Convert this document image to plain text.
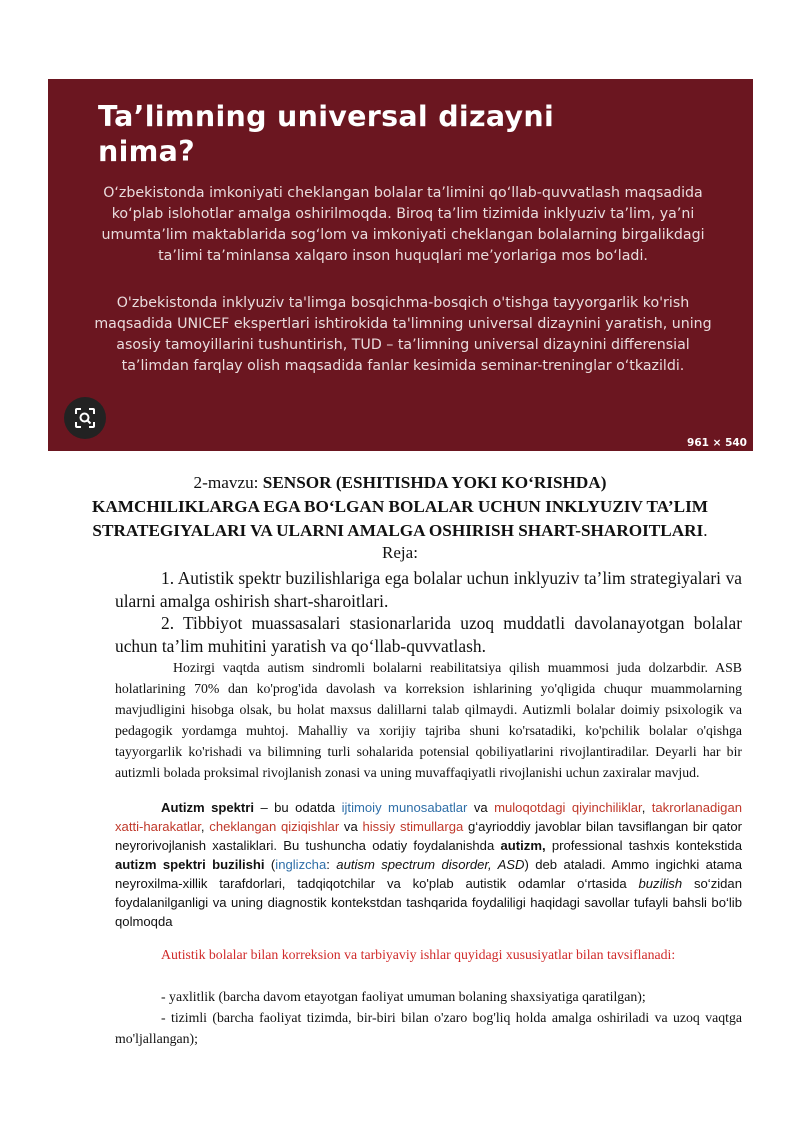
Ta’limning universal dizayni nima?
O‘zbekistonda imkoniyati cheklangan bolalar ta’limini qo‘llab-quvvatlash maqsadida ko‘plab islohotlar amalga oshirilmoqda. Biroq ta’lim tizimida inklyuziv ta’lim, ya’ni umumta’lim maktablarida sog‘lom va imkoniyati cheklangan bolalarning birgalikdagi ta’limi ta’minlansa xalqaro inson huquqlari me’yorlariga mos bo‘ladi.
O'zbekistonda inklyuziv ta'limga bosqichma-bosqich o'tishga tayyorgarlik ko'rish maqsadida UNICEF ekspertlari ishtirokida ta'limning universal dizaynini yaratish, uning asosiy tamoyillarini tushuntirish, TUD – ta’limning universal dizaynini differensial ta’limdan farqlay olish maqsadida fanlar kesimida seminar-treninglar o‘tkazildi.
961 × 540
2-mavzu: SENSOR (ESHITISHDA YOKI KO‘RISHDA)
KAMCHILIKLARGA EGA BO‘LGAN BOLALAR UCHUN INKLYUZIV TA’LIM
STRATEGIYALARI VA ULARNI AMALGA OSHIRISH SHART-SHAROITLARI.
Reja:
1. Autistik spektr buzilishlariga ega bolalar uchun inklyuziv ta’lim strategiyalari va ularni amalga oshirish shart-sharoitlari.
2. Tibbiyot muassasalari stasionarlarida uzoq muddatli davolanayotgan bolalar uchun ta’lim muhitini yaratish va qo‘llab-quvvatlash.
Hozirgi vaqtda autism sindromli bolalarni reabilitatsiya qilish muammosi juda dolzarbdir. ASB holatlarining 70% dan ko'prog'ida davolash va korreksion ishlarining yo'qligida chuqur muammolarning mavjudligini hisobga olsak, bu holat maxsus dalillarni talab qilmaydi. Autizmli bolalar doimiy psixologik va pedagogik yordamga muhtoj. Mahalliy va xorijiy tajriba shuni ko'rsatadiki, ko'pchilik bolalar o'qishga tayyorgarlik ko'rishadi va bilimning turli sohalarida potensial qobiliyatlarini rivojlantiradilar. Deyarli har bir autizmli bolada proksimal rivojlanish zonasi va uning muvaffaqiyatli rivojlanishi uchun zaxiralar mavjud.
Autizm spektri – bu odatda ijtimoiy munosabatlar va muloqotdagi qiyinchiliklar, takrorlanadigan xatti-harakatlar, cheklangan qiziqishlar va hissiy stimullarga g‘ayrioddiy javoblar bilan tavsiflangan bir qator neyrorivojlanish xastaliklari. Bu tushuncha odatiy foydalanishda autizm, professional tashxis kontekstida autizm spektri buzilishi (inglizcha: autism spectrum disorder, ASD) deb ataladi. Ammo ingichki atama neyroxilma-xillik tarafdorlari, tadqiqotchilar va ko'plab autistik odamlar o‘rtasida buzilish so‘zidan foydalanilganligi va uning diagnostik kontekstdan tashqarida foydaliligi haqidagi savollar tufayli bahsli bo‘lib qolmoqda
Autistik bolalar bilan korreksion va tarbiyaviy ishlar quyidagi xususiyatlar bilan tavsiflanadi:
- yaxlitlik (barcha davom etayotgan faoliyat umuman bolaning shaxsiyatiga qaratilgan);
- tizimli (barcha faoliyat tizimda, bir-biri bilan o'zaro bog'liq holda amalga oshiriladi va uzoq vaqtga mo'ljallangan);
